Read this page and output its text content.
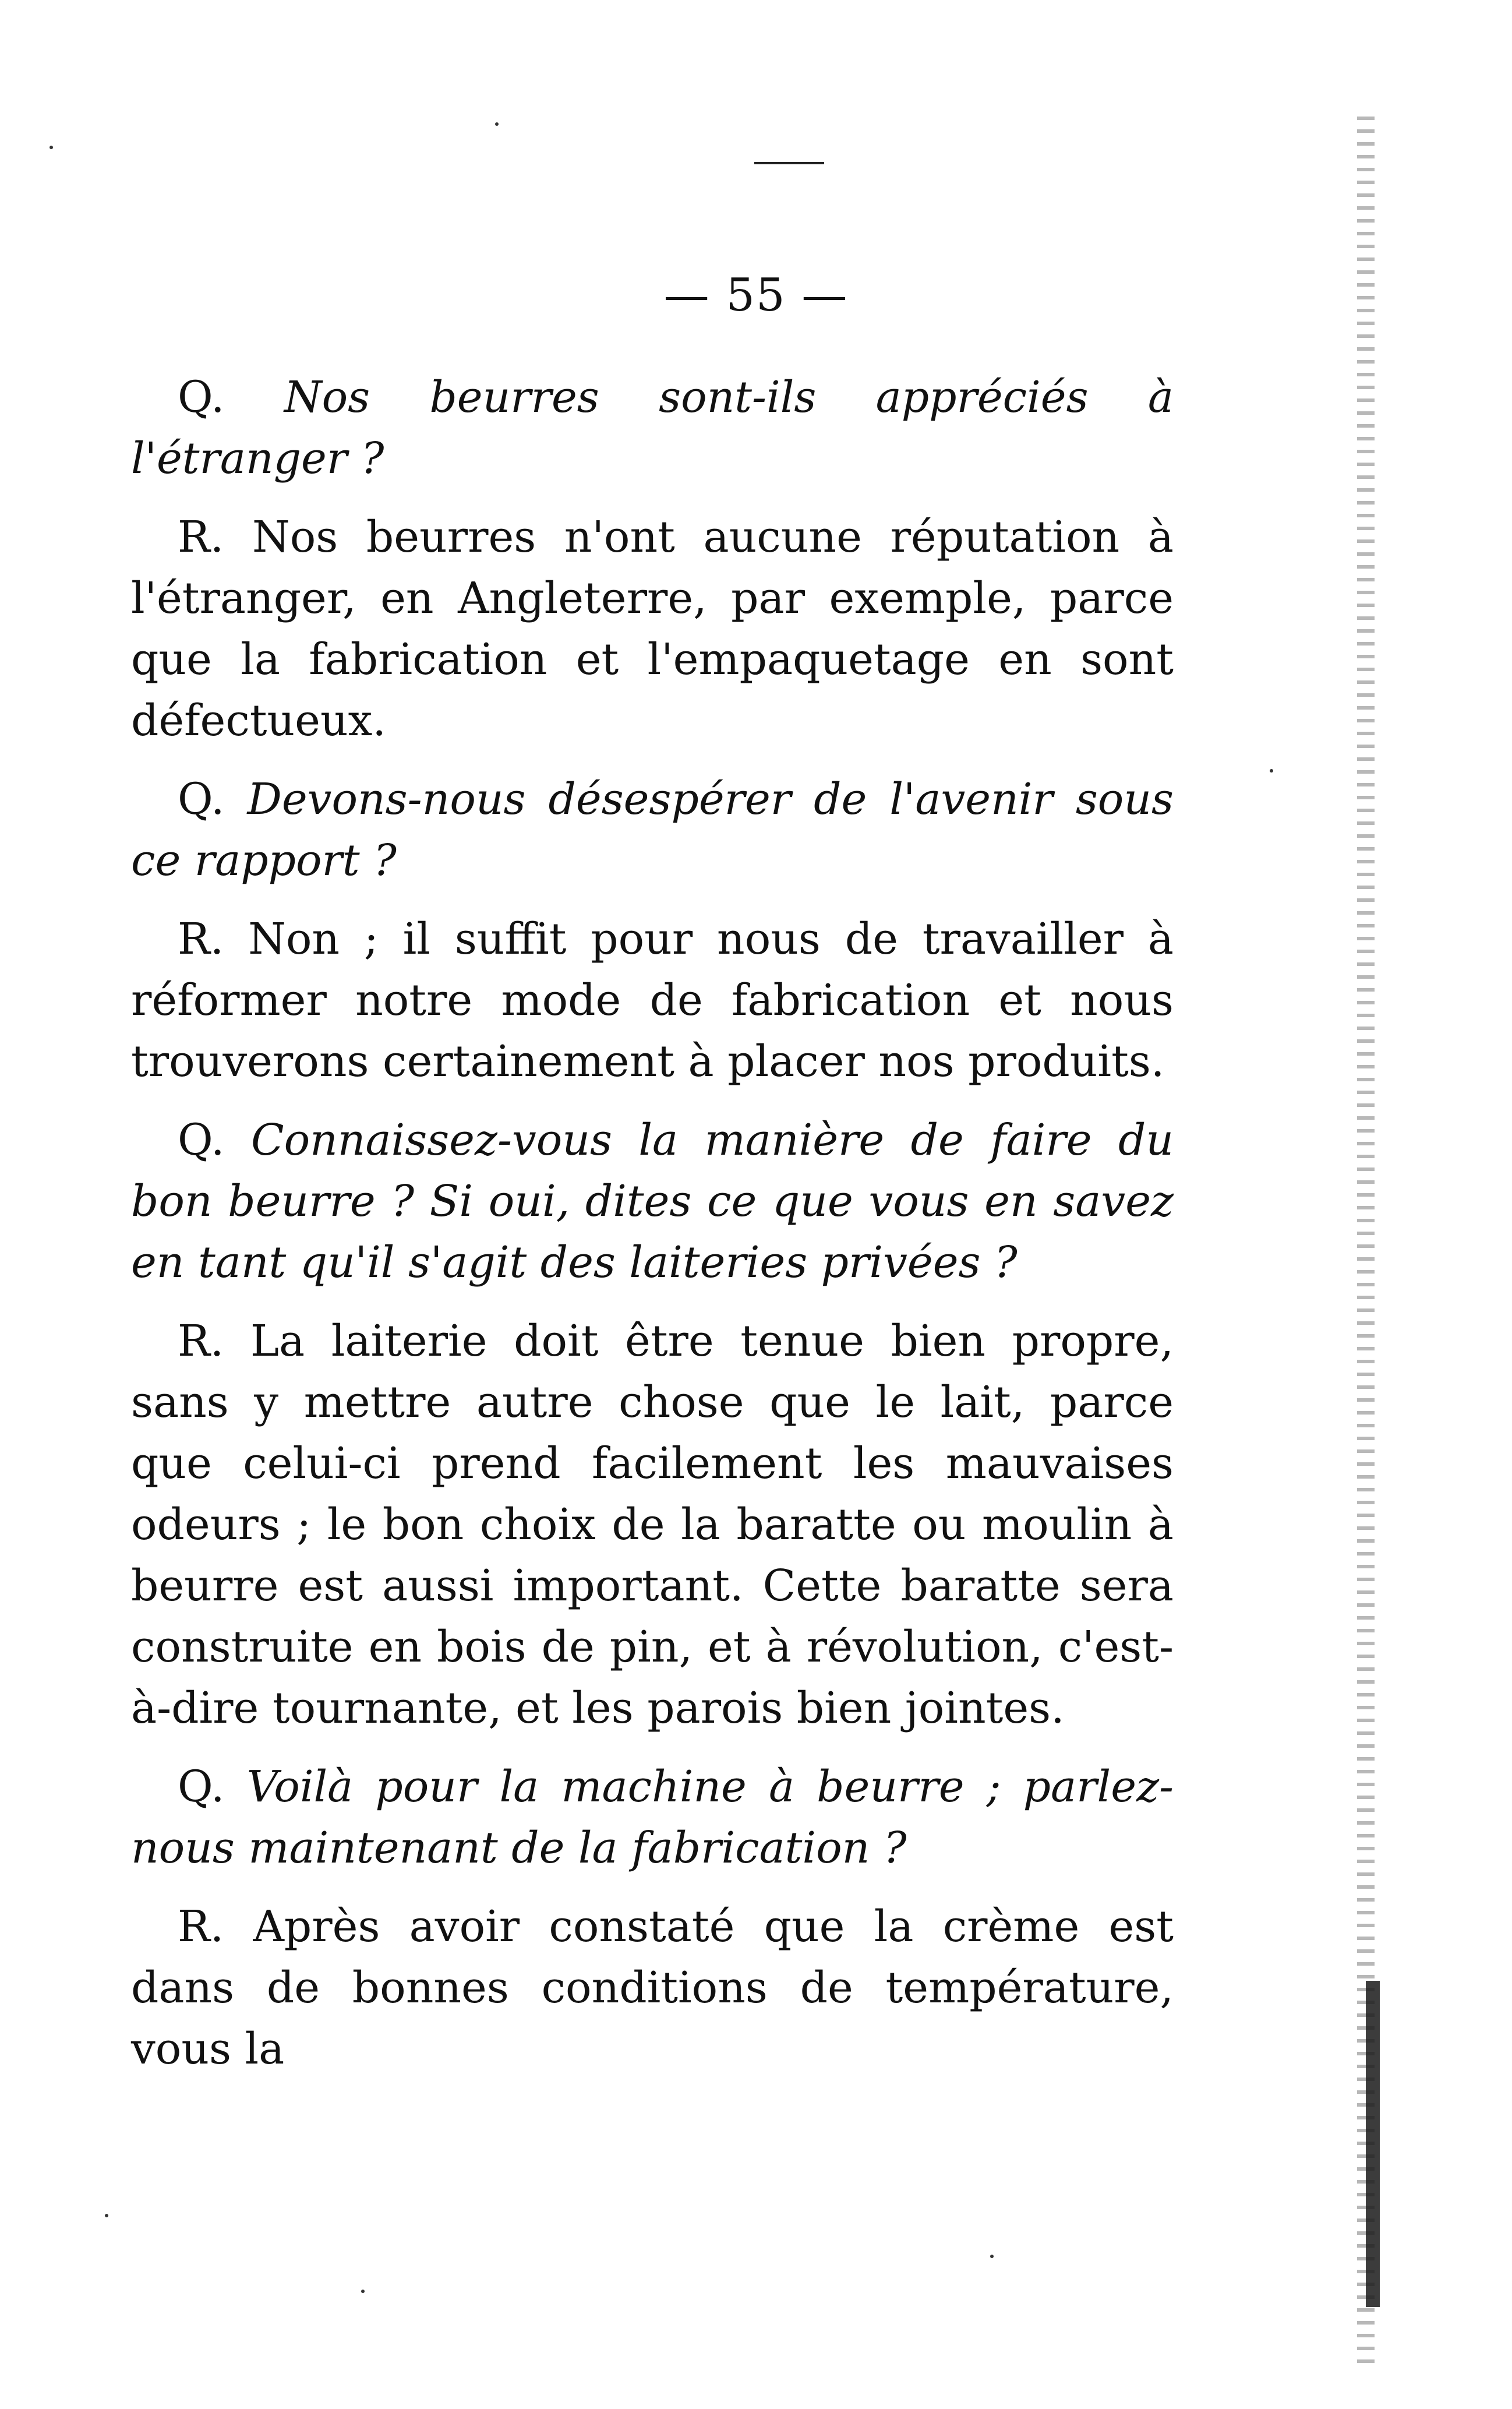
— 55 —

Q. Nos beurres sont-ils appréciés à l'étranger ?

R. Nos beurres n'ont aucune réputation à l'étranger, en Angleterre, par exemple, parce que la fabrication et l'empaquetage en sont défectueux.

Q. Devons-nous désespérer de l'avenir sous ce rapport ?

R. Non ; il suffit pour nous de travailler à réformer notre mode de fabrication et nous trouverons certainement à placer nos produits.

Q. Connaissez-vous la manière de faire du bon beurre ? Si oui, dites ce que vous en savez en tant qu'il s'agit des laiteries privées ?

R. La laiterie doit être tenue bien propre, sans y mettre autre chose que le lait, parce que celui-ci prend facilement les mauvaises odeurs ; le bon choix de la baratte ou moulin à beurre est aussi important. Cette baratte sera construite en bois de pin, et à révolution, c'est-à-dire tournante, et les parois bien jointes.

Q. Voilà pour la machine à beurre ; parlez-nous maintenant de la fabrication ?

R. Après avoir constaté que la crème est dans de bonnes conditions de température, vous la
